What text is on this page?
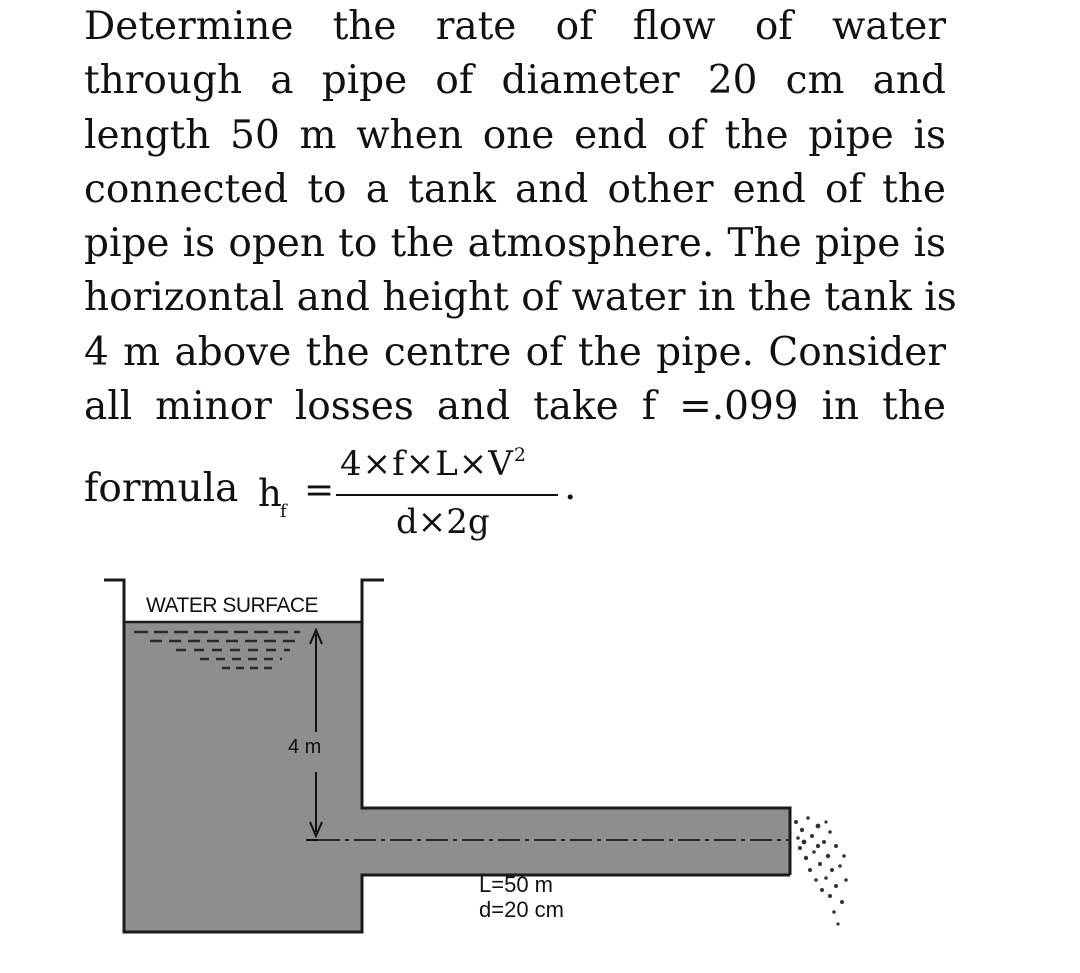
Determine the rate of flow of water
through a pipe of diameter 20 cm and
length 50 m when one end of the pipe is
connected to a tank and other end of the
pipe is open to the atmosphere. The pipe is
horizontal and height of water in the tank is
4 m above the centre of the pipe. Consider
all minor losses and take f =.099 in the
formula h
f
=
$4\times f\times L\times V^2$
d×2g
.
WATER SURFACE
4 m
L=50 m
d=20 cm
